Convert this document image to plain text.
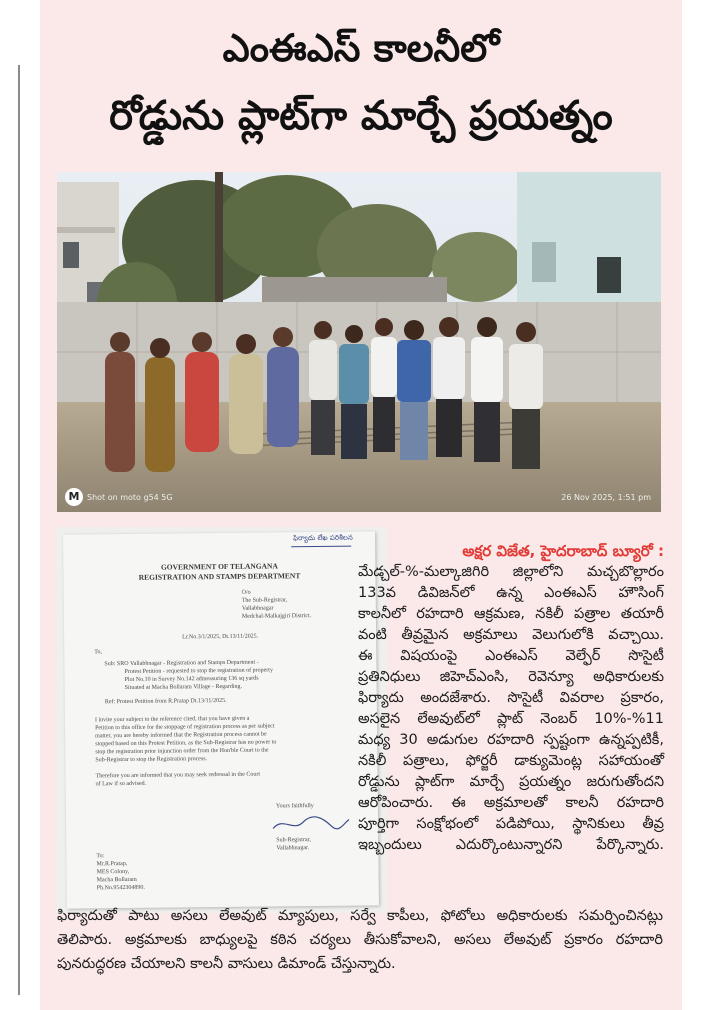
ఎంఈఎస్ కాలనీలో
రోడ్డును ప్లాట్‌గా మార్చే ప్రయత్నం
M Shot on moto g54 5G	26 Nov 2025, 1:51 pm
ఫిర్యాదు లేఖ పరిశీలన
GOVERNMENT OF TELANGANA
REGISTRATION AND STAMPS DEPARTMENT
O/o
The Sub-Registrar,
Vallabhnagar
Medchal-Malkajgiri District.
Lr.No.3/1/2025, Dt.13/11/2025.
To,
Sub: SRO Vallabhnagar - Registration and Stamps Department -
Protest Petition - requested to stop the registration of property
Plot No.10 in Survey No.142 admeasuring 136 sq yards
Situated at Macha Bollaram Village - Regarding.
Ref: Protest Petition from R.Pratap Dt.13/11/2025.
I invite your subject to the reference cited, that you have given a
Petition to this office for the stoppage of registration process as per subject
matter, you are hereby informed that the Registration process cannot be
stopped based on this Protest Petition, as the Sub-Registrar has no power to
stop the registration prior injunction order from the Hon'ble Court to the
Sub-Registrar to stop the Registration process.
Therefore you are informed that you may seek redressal in the Court
of Law if so advised.
Yours faithfully
Sub-Registrar,
Vallabhnagar.
To:
Mr.R.Pratap,
MES Colony,
Macha Bollaram
Ph.No.9542304890.
అక్షర విజేత, హైదరాబాద్ బ్యూరో :
మేడ్చల్‌-%-మల్కాజిగిరి జిల్లాలోని మచ్చబొల్లారం
133వ డివిజన్‌లో ఉన్న ఎంఈఎస్ హౌసింగ్
కాలనీలో రహదారి ఆక్రమణ, నకిలీ పత్రాల తయారీ
వంటి తీవ్రమైన అక్రమాలు వెలుగులోకి వచ్చాయి.
ఈ విషయంపై ఎంఈఎస్ వెల్ఫేర్ సొసైటీ
ప్రతినిధులు జిహెచ్‌ఎంసి, రెవెన్యూ అధికారులకు
ఫిర్యాదు అందజేశారు. సొసైటీ వివరాల ప్రకారం,
అసలైన లేఅవుట్‌లో ప్లాట్ నెంబర్ 10%-%11
మధ్య 30 అడుగుల రహదారి స్పష్టంగా ఉన్నప్పటికీ,
నకిలీ పత్రాలు, ఫోర్జరీ డాక్యుమెంట్ల సహాయంతో
రోడ్డును ప్లాట్‌గా మార్చే ప్రయత్నం జరుగుతోందని
ఆరోపించారు. ఈ అక్రమాలతో కాలనీ రహదారి
పూర్తిగా సంక్షోభంలో పడిపోయి, స్థానికులు తీవ్ర
ఇబ్బందులు ఎదుర్కొంటున్నారని పేర్కొన్నారు.
ఫిర్యాదుతో పాటు అసలు లేఅవుట్ మ్యాపులు, సర్వే కాపీలు, ఫోటోలు అధికారులకు సమర్పించినట్లు
తెలిపారు. అక్రమాలకు బాధ్యులపై కఠిన చర్యలు తీసుకోవాలని, అసలు లేఅవుట్ ప్రకారం రహదారి
పునరుద్ధరణ చేయాలని కాలనీ వాసులు డిమాండ్ చేస్తున్నారు.
